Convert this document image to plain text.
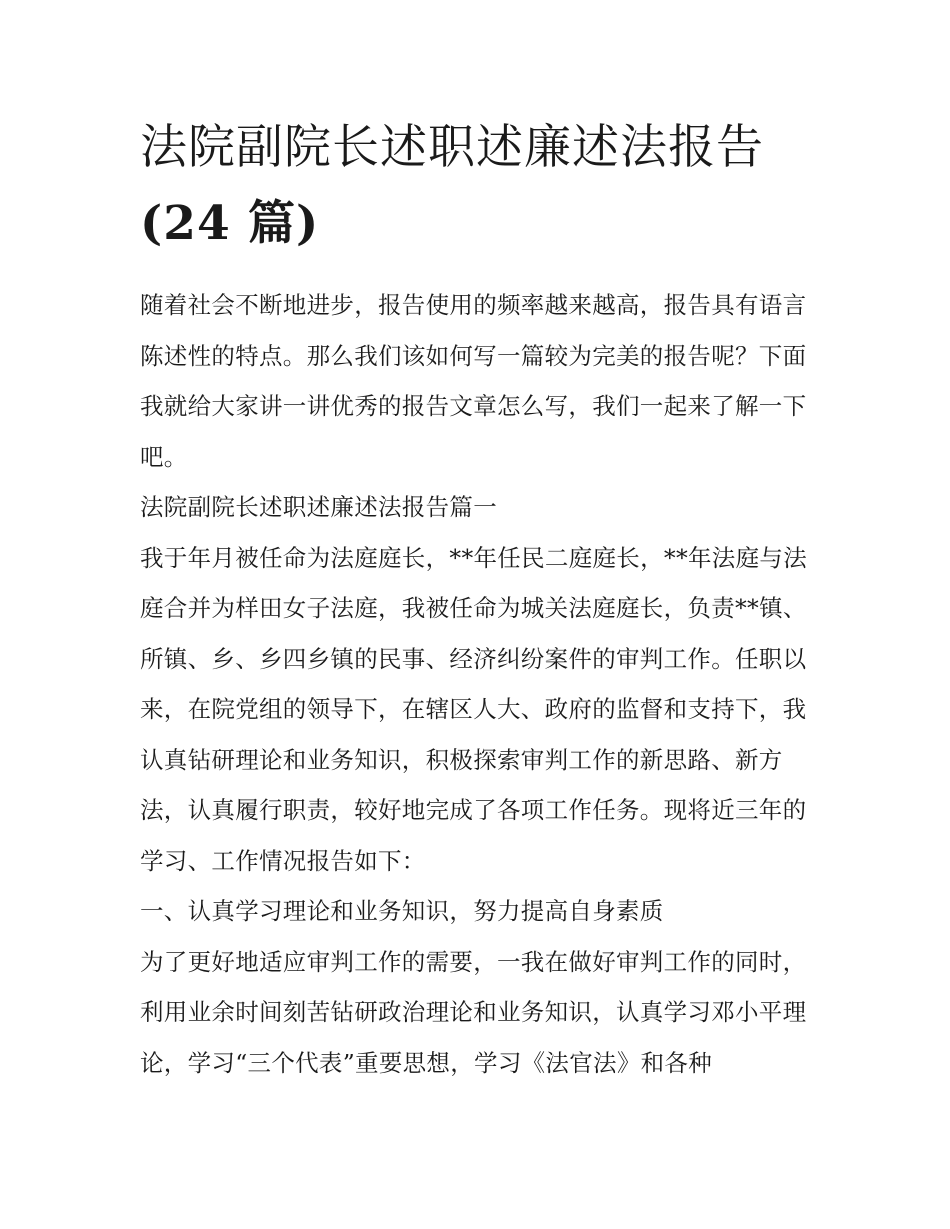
法院副院长述职述廉述法报告
(24 篇)

随着社会不断地进步，报告使用的频率越来越高，报告具有语言陈述性的特点。那么我们该如何写一篇较为完美的报告呢？下面我就给大家讲一讲优秀的报告文章怎么写，我们一起来了解一下吧。

法院副院长述职述廉述法报告篇一

我于年月被任命为法庭庭长，**年任民二庭庭长，**年法庭与法庭合并为样田女子法庭，我被任命为城关法庭庭长，负责**镇、所镇、乡、乡四乡镇的民事、经济纠纷案件的审判工作。任职以来，在院党组的领导下，在辖区人大、政府的监督和支持下，我认真钻研理论和业务知识，积极探索审判工作的新思路、新方法，认真履行职责，较好地完成了各项工作任务。现将近三年的学习、工作情况报告如下：

一、认真学习理论和业务知识，努力提高自身素质

为了更好地适应审判工作的需要，一我在做好审判工作的同时，利用业余时间刻苦钻研政治理论和业务知识，认真学习邓小平理论，学习“三个代表”重要思想，学习《法官法》和各种
